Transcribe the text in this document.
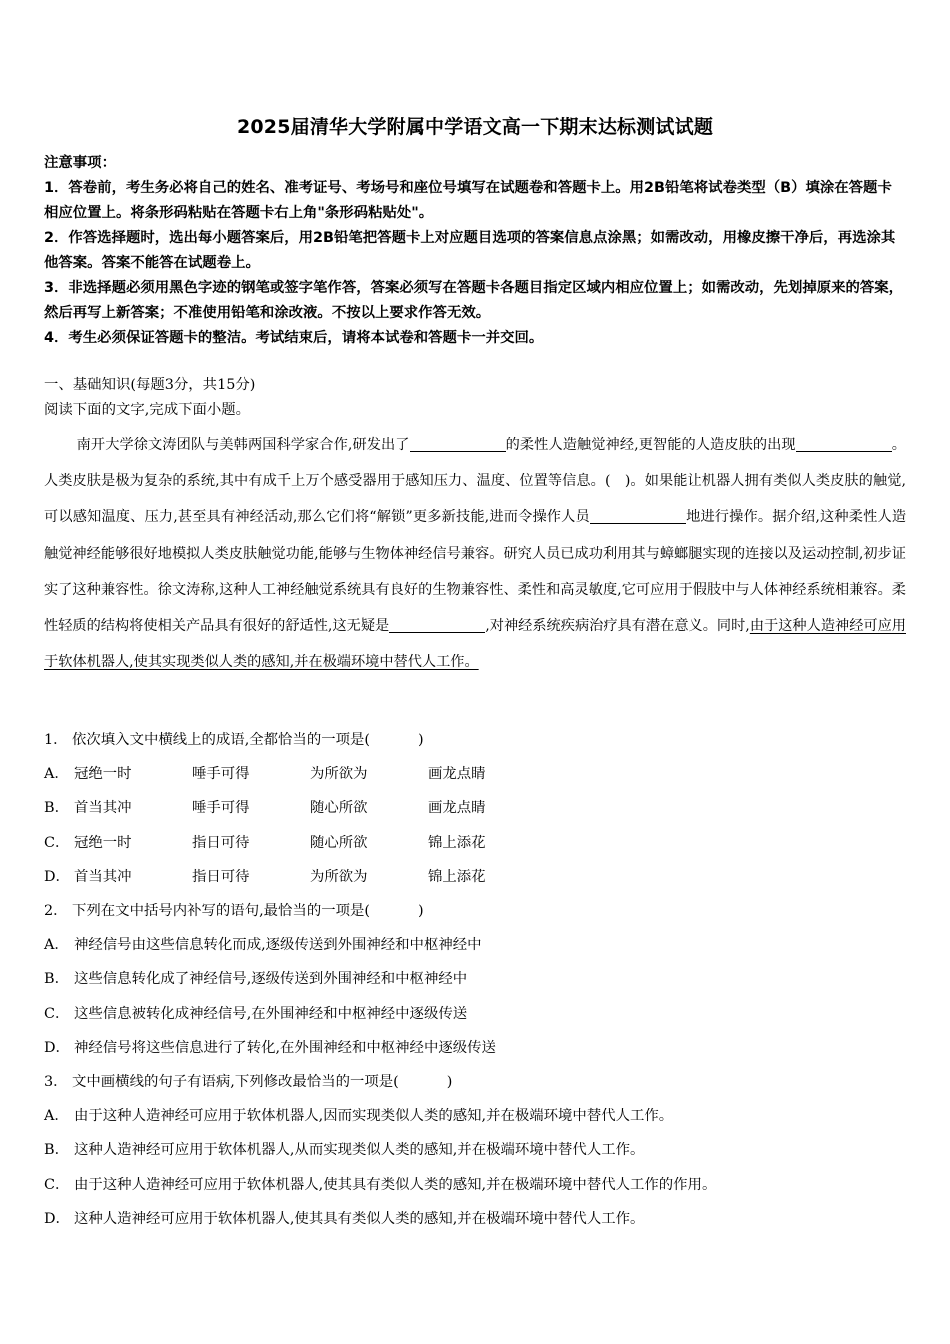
2025届清华大学附属中学语文高一下期末达标测试试题

注意事项：

1．答卷前，考生务必将自己的姓名、准考证号、考场号和座位号填写在试题卷和答题卡上。用2B铅笔将试卷类型（B）填涂在答题卡相应位置上。将条形码粘贴在答题卡右上角"条形码粘贴处"。

2．作答选择题时，选出每小题答案后，用2B铅笔把答题卡上对应题目选项的答案信息点涂黑；如需改动，用橡皮擦干净后，再选涂其他答案。答案不能答在试题卷上。

3．非选择题必须用黑色字迹的钢笔或签字笔作答，答案必须写在答题卡各题目指定区域内相应位置上；如需改动，先划掉原来的答案，然后再写上新答案；不准使用铅笔和涂改液。不按以上要求作答无效。

4．考生必须保证答题卡的整洁。考试结束后，请将本试卷和答题卡一并交回。

一、基础知识(每题3分，共15分)
阅读下面的文字,完成下面小题。
南开大学徐文涛团队与美韩两国科学家合作,研发出了	的柔性人造触觉神经,更智能的人造皮肤的出现	。人类皮肤是极为复杂的系统,其中有成千上万个感受器用于感知压力、温度、位置等信息。(　)。如果能让机器人拥有类似人类皮肤的触觉,可以感知温度、压力,甚至具有神经活动,那么它们将“解锁”更多新技能,进而令操作人员	地进行操作。据介绍,这种柔性人造触觉神经能够很好地模拟人类皮肤触觉功能,能够与生物体神经信号兼容。研究人员已成功利用其与蟑螂腿实现的连接以及运动控制,初步证实了这种兼容性。徐文涛称,这种人工神经触觉系统具有良好的生物兼容性、柔性和高灵敏度,它可应用于假肢中与人体神经系统相兼容。柔性轻质的结构将使相关产品具有很好的舒适性,这无疑是	,对神经系统疾病治疗具有潜在意义。同时,由于这种人造神经可应用于软体机器人,使其实现类似人类的感知,并在极端环境中替代人工作。
1． 依次填入文中横线上的成语,全都恰当的一项是(	)
A． 冠绝一时	唾手可得	为所欲为	画龙点睛
B． 首当其冲	唾手可得	随心所欲	画龙点睛
C． 冠绝一时	指日可待	随心所欲	锦上添花
D． 首当其冲	指日可待	为所欲为	锦上添花
2． 下列在文中括号内补写的语句,最恰当的一项是(	)
A． 神经信号由这些信息转化而成,逐级传送到外围神经和中枢神经中
B． 这些信息转化成了神经信号,逐级传送到外围神经和中枢神经中
C． 这些信息被转化成神经信号,在外围神经和中枢神经中逐级传送
D． 神经信号将这些信息进行了转化,在外围神经和中枢神经中逐级传送
3． 文中画横线的句子有语病,下列修改最恰当的一项是(	)
A． 由于这种人造神经可应用于软体机器人,因而实现类似人类的感知,并在极端环境中替代人工作。
B． 这种人造神经可应用于软体机器人,从而实现类似人类的感知,并在极端环境中替代人工作。
C． 由于这种人造神经可应用于软体机器人,使其具有类似人类的感知,并在极端环境中替代人工作的作用。
D． 这种人造神经可应用于软体机器人,使其具有类似人类的感知,并在极端环境中替代人工作。
